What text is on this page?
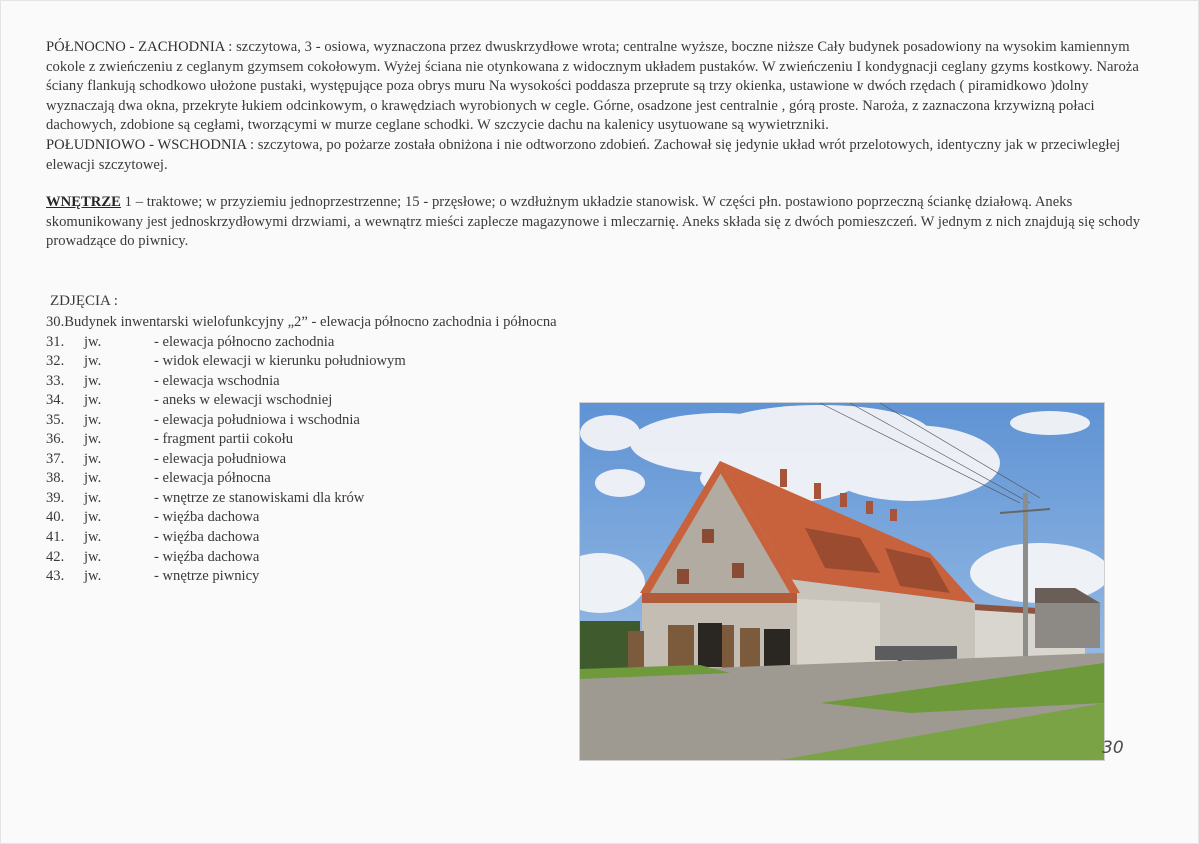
PÓŁNOCNO - ZACHODNIA : szczytowa, 3 - osiowa, wyznaczona przez dwuskrzydłowe wrota; centralne wyższe, boczne niższe Cały budynek posadowiony na wysokim kamiennym cokole z zwieńczeniu z ceglanym gzymsem cokołowym. Wyżej ściana nie otynkowana z widocznym układem pustaków. W zwieńczeniu I kondygnacji ceglany gzyms kostkowy. Naroża ściany flankują schodkowo ułożone pustaki, występujące poza obrys muru Na wysokości poddasza przeprute są trzy okienka, ustawione w dwóch rzędach ( piramidkowo )dolny wyznaczają dwa okna, przekryte łukiem odcinkowym, o krawędziach wyrobionych w cegle. Górne, osadzone jest centralnie , górą proste. Naroża, z zaznaczona krzywizną połaci dachowych, zdobione są cegłami, tworzącymi w murze ceglane schodki. W szczycie dachu na kalenicy usytuowane są wywietrzniki.

POŁUDNIOWO - WSCHODNIA : szczytowa, po pożarze została obniżona i nie odtworzono zdobień. Zachował się jedynie układ wrót przelotowych, identyczny jak w przeciwległej elewacji szczytowej.

WNĘTRZE 1 – traktowe; w przyziemiu jednoprzestrzenne; 15 - przęsłowe; o wzdłużnym układzie stanowisk. W części płn. postawiono poprzeczną ściankę działową. Aneks skomunikowany jest jednoskrzydłowymi drzwiami, a wewnątrz mieści zaplecze magazynowe i mleczarnię. Aneks składa się z dwóch pomieszczeń. W jednym z nich znajdują się schody prowadzące do piwnicy.

ZDJĘCIA :
30.Budynek inwentarski wielofunkcyjny „2” - elewacja północno zachodnia i północna
31.	jw.	- elewacja północno zachodnia
32.	jw.	- widok elewacji w kierunku południowym
33.	jw.	- elewacja wschodnia
34.	jw.	- aneks w elewacji wschodniej
35.	jw.	- elewacja południowa i wschodnia
36.	jw.	- fragment partii cokołu
37.	jw.	- elewacja południowa
38.	jw.	- elewacja północna
39.	jw.	- wnętrze ze stanowiskami dla krów
40.	jw.	- więźba dachowa
41.	jw.	- więźba dachowa
42.	jw.	- więźba dachowa
43.	jw.	- wnętrze piwnicy
30
